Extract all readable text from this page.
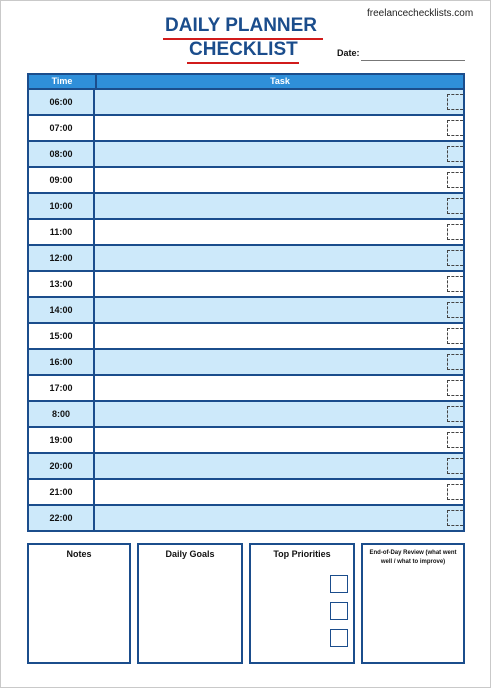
freelancechecklists.com
DAILY PLANNER
CHECKLIST	Date:
Time	Task
06:00
07:00
08:00
09:00
10:00
11:00
12:00
13:00
14:00
15:00
16:00
17:00
8:00
19:00
20:00
21:00
22:00
Notes	Daily Goals	Top Priorities	End-of-Day Review (what went well / what to improve)
